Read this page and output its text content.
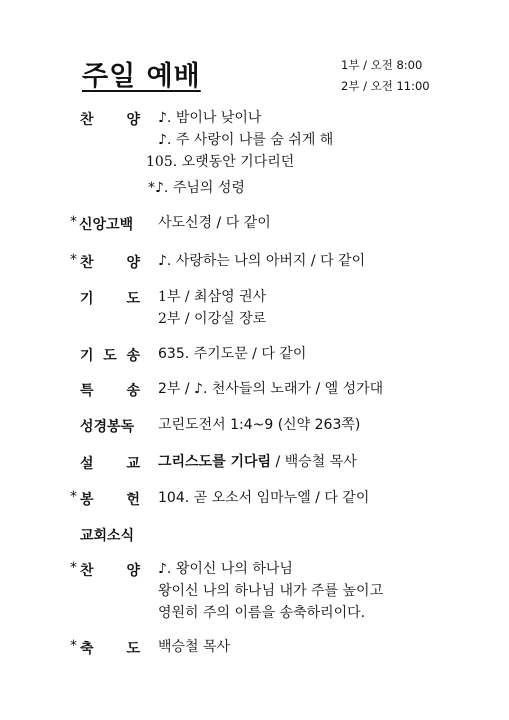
주일 예배	1부 / 오전 8:00
2부 / 오전 11:00
찬 양 ♪. 밤이나 낮이나
♪. 주 사랑이 나를 숨 쉬게 해
105. 오랫동안 기다리던
*♪. 주님의 성령
* 신앙고백	사도신경 / 다 같이
* 찬 양 ♪. 사랑하는 나의 아버지 / 다 같이
기 도 1부 / 최삼영 권사
2부 / 이강실 장로
기 도 송 635. 주기도문 / 다 같이
특 송 2부 / ♪. 천사들의 노래가 / 엘 성가대
성경봉독	고린도전서 1:4~9 (신약 263쪽)
설 교 그리스도를 기다림 / 백승철 목사
* 봉 헌 104. 곧 오소서 임마누엘 / 다 같이
교회소식
* 찬 양 ♪. 왕이신 나의 하나님
왕이신 나의 하나님 내가 주를 높이고
영원히 주의 이름을 송축하리이다.
* 축 도 백승철 목사
